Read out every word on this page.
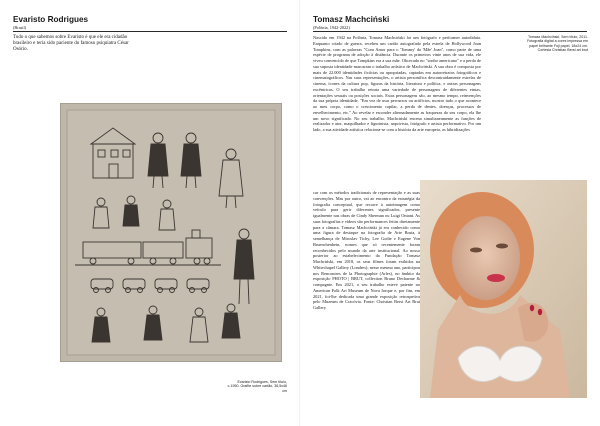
Evaristo Rodrigues
(Brasil)
Tudo o que sabemos sobre Evaristo é que ele era cidadão brasileiro e teria sido paciente do famoso psiquiatra César Osório.
Evaristo Rodrigues, Sem título, c.1950. Grafite sobre cartão, 36,5x46 cm
Tomasz Machciński
(Polônia, 1942-2022)
Tomasz Machciński, Sem título, 2011. Fotografia digital a cores impressa em papel brilhante Fuji papel, 18x24 cm. Cortesia Christian Berst art brut
Nascido em 1942 na Polônia, Tomasz Machciński foi um fotógrafo e performer autodidata. Enquanto criado de guerra, recebeu um cartão autografado pela estrela de Hollywood Joan Tompkins, com as palavras "Com Amor para o 'Tommy' da 'Mãe' Joan", como parte de uma espécie de programa de adoção à distância. Durante os primeiros vinte anos de sua vida, ele viveu convencido de que Tompkins era a sua mãe. Obcecado no "sonho americano" e a perda de sua suposta identidade marcaram o trabalho artístico de Machciński. A sua obra é composta por mais de 22.000 identidades fictícias ou apropriadas, captadas em autorretratos fotográficos e cinematográficos. Nas suas representações, o artista personifica descontraidamente estrelas de cinema, ícones da cultura pop, figuras da história, literatura e política, e outras personagens excêntricas. O seu trabalho retrata uma variedade de personagens de diferentes etnias, orientações sexuais ou posições sociais. Estas personagens são, ao mesmo tempo, reinvenções da sua própria identidade. "Em vez de usar percursos ou artifícios, mostro tudo o que acontece ao meu corpo, como o crescimento capilar, a perda de dentes, doenças, processos de envelhecimento, etc." Ao revelar e esconder alternadamente as fraquezas do seu corpo, ela lhe um novo significado. No seu trabalho, Machciński encena simultaneamente as funções de realizador e ator, maquilhador e figurinista, arquivista, fotógrafo e artista performativo. Por um lado, a sua atividade artística relaciona-se com a história da arte europeia, as hibridizações
car com os métodos tradicionais de representação e as suas convenções. Mas por outro, vai ao encontro da estratégia da fotografia conceptual, que recorre à autoimagem como veículo para gerir diferentes significados, presente igualmente nas obras de Cindy Sherman ou Luigi Ontani. As suas fotografias e vídeos são performances feitas diretamente para a câmara. Tomasz Machciński já era conhecido como uma figura de destaque na fotografia de Arte Bruta, à semelhança de Miroslav Tichy, Lee Godie e Eugene Von Bruenchenhein, nomes que só recentemente foram reconhecidos pelo mundo da arte institucional. Ao nosso posterior ao estabelecimento da Fundação Tomasz Machciński, em 2018, os seus filmes foram exibidos na Whitechapel Gallery (Londres); nesse mesmo ano, participou nos Rencontres de la Photographie (Arles), no âmbito da exposição PHOTO | BRUT, collection Bruno Decharme & compagnie. Em 2021, o seu trabalho esteve patente no American Folk Art Museum de Nova Iorque e, por fim, em 2021, foi-lhe dedicada uma grande exposição retrospetiva pelo Muzeum de Cracóvia. Fonte: Christian Berst Art Brut Gallery
